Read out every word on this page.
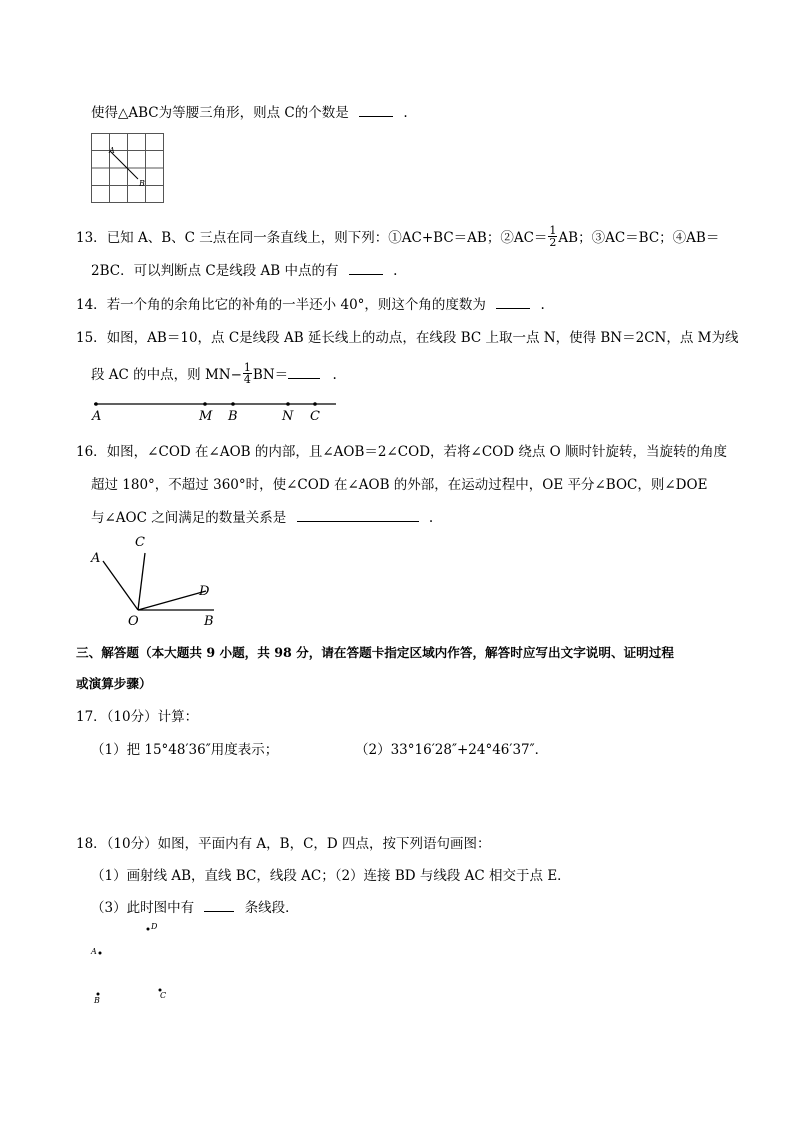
使得△ABC为等腰三角形，则点 C的个数是	.
A
B
13．已知 A、B、C 三点在同一条直线上，则下列：①AC+BC＝AB；②AC＝ $\frac{1}{2}$ AB；③AC＝BC；④AB＝
2BC．可以判断点 C是线段 AB 中点的有	.
14．若一个角的余角比它的补角的一半还小 40°，则这个角的度数为	.
15．如图，AB＝10，点 C是线段 AB 延长线上的动点，在线段 BC 上取一点 N，使得 BN＝2CN，点 M为线
段 AC 的中点，则 $MN- \frac{1}{4} BN=$	.
A	M B	N C
16．如图，∠COD 在∠AOB 的内部，且∠AOB＝2∠COD，若将∠COD 绕点 O 顺时针旋转，当旋转的角度
超过 180°，不超过 360°时，使∠COD 在∠AOB 的外部，在运动过程中，OE 平分∠BOC，则∠DOE
与∠AOC 之间满足的数量关系是	.
A
C
D
O	B
三、解答题（本大题共 9 小题，共 98 分，请在答题卡指定区域内作答，解答时应写出文字说明、证明过程
或演算步骤）
17．（10分）计算：
（1）把 15°48′36″用度表示；	（2）33°16′28″+24°46′37″．
18．（10分）如图，平面内有 A，B，C，D 四点，按下列语句画图：
（1）画射线 AB，直线 BC，线段 AC；（2）连接 BD 与线段 AC 相交于点 E．
（3）此时图中有	条线段．
D
A
B
C
